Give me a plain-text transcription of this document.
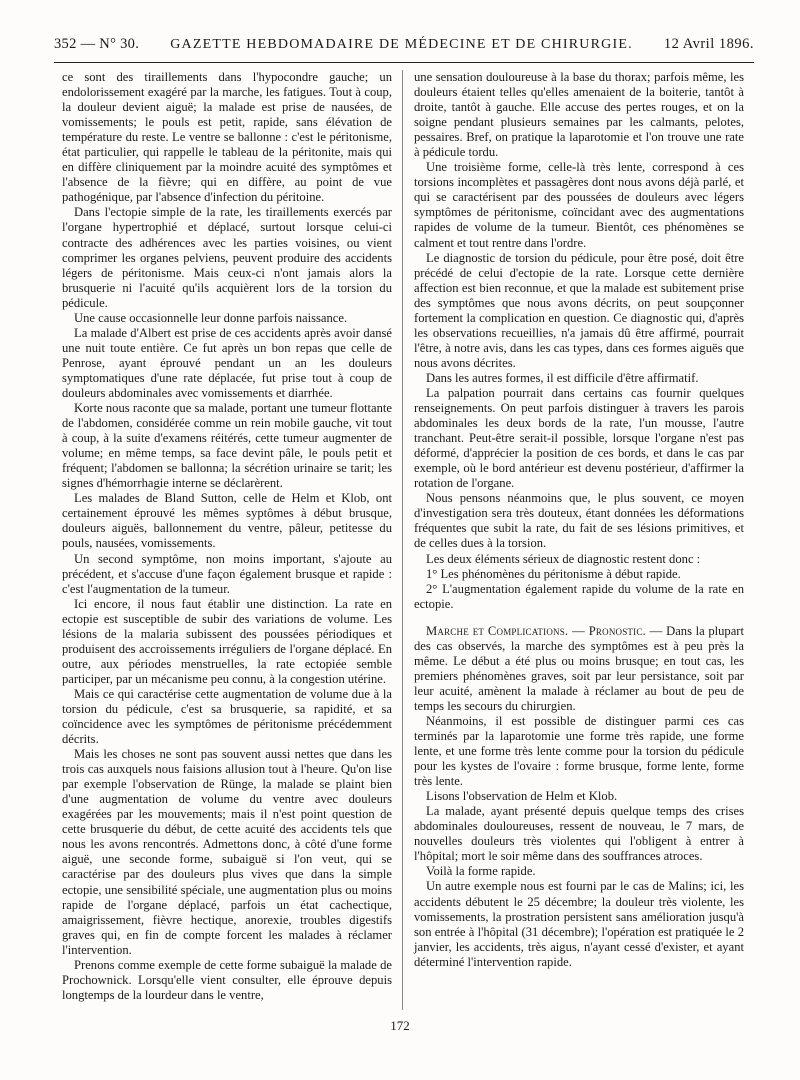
352 — N° 30. GAZETTE HEBDOMADAIRE DE MÉDECINE ET DE CHIRURGIE. 12 Avril 1896.

ce sont des tiraillements dans l'hypocondre gauche; un endolorissement exagéré par la marche, les fatigues. Tout à coup, la douleur devient aiguë; la malade est prise de nausées, de vomissements; le pouls est petit, rapide, sans élévation de température du reste. Le ventre se ballonne : c'est le péritonisme, état particulier, qui rappelle le tableau de la péritonite, mais qui en diffère cliniquement par la moindre acuité des symptômes et l'absence de la fièvre; qui en diffère, au point de vue pathogénique, par l'absence d'infection du péritoine.

Dans l'ectopie simple de la rate, les tiraillements exercés par l'organe hypertrophié et déplacé, surtout lorsque celui-ci contracte des adhérences avec les parties voisines, ou vient comprimer les organes pelviens, peuvent produire des accidents légers de péritonisme. Mais ceux-ci n'ont jamais alors la brusquerie ni l'acuité qu'ils acquièrent lors de la torsion du pédicule.

Une cause occasionnelle leur donne parfois naissance.

La malade d'Albert est prise de ces accidents après avoir dansé une nuit toute entière. Ce fut après un bon repas que celle de Penrose, ayant éprouvé pendant un an les douleurs symptomatiques d'une rate déplacée, fut prise tout à coup de douleurs abdominales avec vomissements et diarrhée.

Korte nous raconte que sa malade, portant une tumeur flottante de l'abdomen, considérée comme un rein mobile gauche, vit tout à coup, à la suite d'examens réitérés, cette tumeur augmenter de volume; en même temps, sa face devint pâle, le pouls petit et fréquent; l'abdomen se ballonna; la sécrétion urinaire se tarit; les signes d'hémorrhagie interne se déclarèrent.

Les malades de Bland Sutton, celle de Helm et Klob, ont certainement éprouvé les mêmes syptômes à début brusque, douleurs aiguës, ballonnement du ventre, pâleur, petitesse du pouls, nausées, vomissements.

Un second symptôme, non moins important, s'ajoute au précédent, et s'accuse d'une façon également brusque et rapide : c'est l'augmentation de la tumeur.

Ici encore, il nous faut établir une distinction. La rate en ectopie est susceptible de subir des variations de volume. Les lésions de la malaria subissent des poussées périodiques et produisent des accroissements irréguliers de l'organe déplacé. En outre, aux périodes menstruelles, la rate ectopiée semble participer, par un mécanisme peu connu, à la congestion utérine.

Mais ce qui caractérise cette augmentation de volume due à la torsion du pédicule, c'est sa brusquerie, sa rapidité, et sa coïncidence avec les symptômes de péritonisme précédemment décrits.

Mais les choses ne sont pas souvent aussi nettes que dans les trois cas auxquels nous faisions allusion tout à l'heure. Qu'on lise par exemple l'observation de Rünge, la malade se plaint bien d'une augmentation de volume du ventre avec douleurs exagérées par les mouvements; mais il n'est point question de cette brusquerie du début, de cette acuité des accidents tels que nous les avons rencontrés. Admettons donc, à côté d'une forme aiguë, une seconde forme, subaiguë si l'on veut, qui se caractérise par des douleurs plus vives que dans la simple ectopie, une sensibilité spéciale, une augmentation plus ou moins rapide de l'organe déplacé, parfois un état cachectique, amaigrissement, fièvre hectique, anorexie, troubles digestifs graves qui, en fin de compte forcent les malades à réclamer l'intervention.

Prenons comme exemple de cette forme subaiguë la malade de Prochownick. Lorsqu'elle vient consulter, elle éprouve depuis longtemps de la lourdeur dans le ventre,

une sensation douloureuse à la base du thorax; parfois même, les douleurs étaient telles qu'elles amenaient de la boiterie, tantôt à droite, tantôt à gauche. Elle accuse des pertes rouges, et on la soigne pendant plusieurs semaines par les calmants, pelotes, pessaires. Bref, on pratique la laparotomie et l'on trouve une rate à pédicule tordu.

Une troisième forme, celle-là très lente, correspond à ces torsions incomplètes et passagères dont nous avons déjà parlé, et qui se caractérisent par des poussées de douleurs avec légers symptômes de péritonisme, coïncidant avec des augmentations rapides de volume de la tumeur. Bientôt, ces phénomènes se calment et tout rentre dans l'ordre.

Le diagnostic de torsion du pédicule, pour être posé, doit être précédé de celui d'ectopie de la rate. Lorsque cette dernière affection est bien reconnue, et que la malade est subitement prise des symptômes que nous avons décrits, on peut soupçonner fortement la complication en question. Ce diagnostic qui, d'après les observations recueillies, n'a jamais dû être affirmé, pourrait l'être, à notre avis, dans les cas types, dans ces formes aiguës que nous avons décrites.

Dans les autres formes, il est difficile d'être affirmatif.

La palpation pourrait dans certains cas fournir quelques renseignements. On peut parfois distinguer à travers les parois abdominales les deux bords de la rate, l'un mousse, l'autre tranchant. Peut-être serait-il possible, lorsque l'organe n'est pas déformé, d'apprécier la position de ces bords, et dans le cas par exemple, où le bord antérieur est devenu postérieur, d'affirmer la rotation de l'organe.

Nous pensons néanmoins que, le plus souvent, ce moyen d'investigation sera très douteux, étant données les déformations fréquentes que subit la rate, du fait de ses lésions primitives, et de celles dues à la torsion.

Les deux éléments sérieux de diagnostic restent donc :

1° Les phénomènes du péritonisme à début rapide.

2° L'augmentation également rapide du volume de la rate en ectopie.

Marche et Complications. — Pronostic. — Dans la plupart des cas observés, la marche des symptômes est à peu près la même. Le début a été plus ou moins brusque; en tout cas, les premiers phénomènes graves, soit par leur persistance, soit par leur acuité, amènent la malade à réclamer au bout de peu de temps les secours du chirurgien.

Néanmoins, il est possible de distinguer parmi ces cas terminés par la laparotomie une forme très rapide, une forme lente, et une forme très lente comme pour la torsion du pédicule pour les kystes de l'ovaire : forme brusque, forme lente, forme très lente.

Lisons l'observation de Helm et Klob.

La malade, ayant présenté depuis quelque temps des crises abdominales douloureuses, ressent de nouveau, le 7 mars, de nouvelles douleurs très violentes qui l'obligent à entrer à l'hôpital; mort le soir même dans des souffrances atroces.

Voilà la forme rapide.

Un autre exemple nous est fourni par le cas de Malins; ici, les accidents débutent le 25 décembre; la douleur très violente, les vomissements, la prostration persistent sans amélioration jusqu'à son entrée à l'hôpital (31 décembre); l'opération est pratiquée le 2 janvier, les accidents, très aigus, n'ayant cessé d'exister, et ayant déterminé l'intervention rapide.

172
